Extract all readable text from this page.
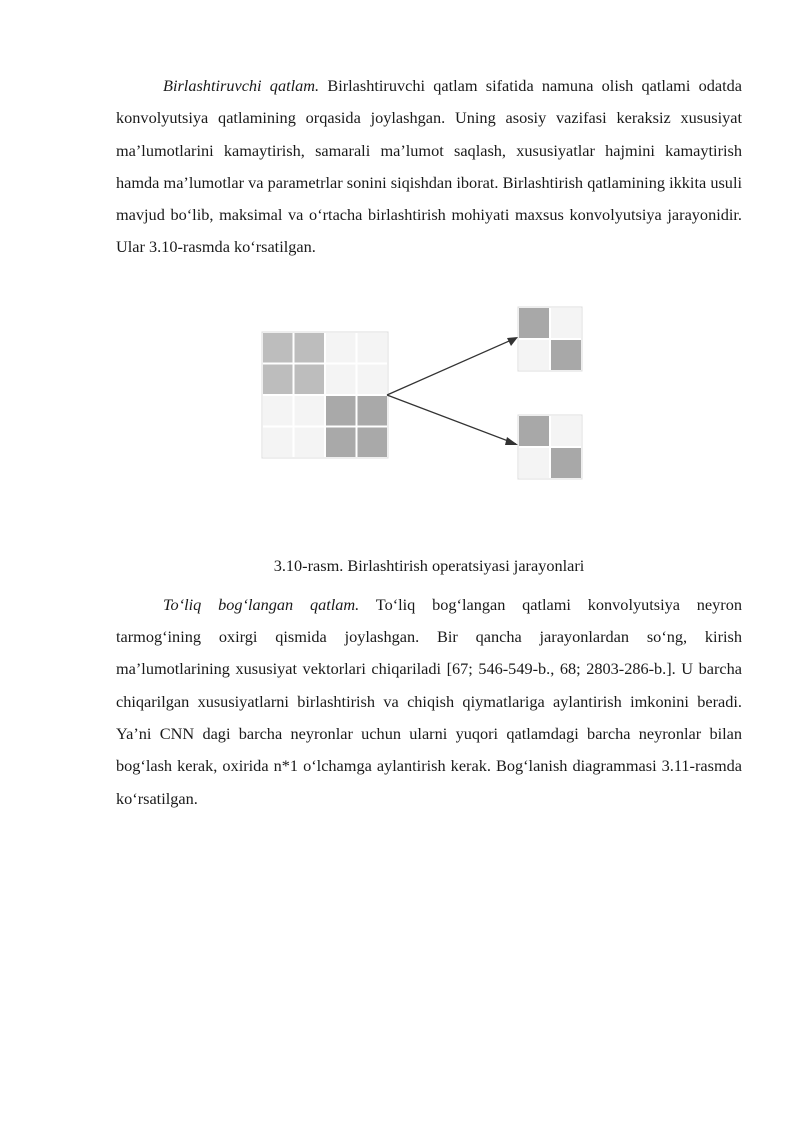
Birlashtiruvchi qatlam. Birlashtiruvchi qatlam sifatida namuna olish qatlami odatda konvolyutsiya qatlamining orqasida joylashgan. Uning asosiy vazifasi keraksiz xususiyat ma’lumotlarini kamaytirish, samarali ma’lumot saqlash, xususiyatlar hajmini kamaytirish hamda ma’lumotlar va parametrlar sonini siqishdan iborat. Birlashtirish qatlamining ikkita usuli mavjud bo‘lib, maksimal va o‘rtacha birlashtirish mohiyati maxsus konvolyutsiya jarayonidir. Ular 3.10-rasmda ko‘rsatilgan.

3.10-rasm. Birlashtirish operatsiyasi jarayonlari

To‘liq bog‘langan qatlam. To‘liq bog‘langan qatlami konvolyutsiya neyron tarmog‘ining oxirgi qismida joylashgan. Bir qancha jarayonlardan so‘ng, kirish ma’lumotlarining xususiyat vektorlari chiqariladi [67; 546-549-b., 68; 2803-286-b.]. U barcha chiqarilgan xususiyatlarni birlashtirish va chiqish qiymatlariga aylantirish imkonini beradi. Ya’ni CNN dagi barcha neyronlar uchun ularni yuqori qatlamdagi barcha neyronlar bilan bog‘lash kerak, oxirida n*1 o‘lchamga aylantirish kerak. Bog‘lanish diagrammasi 3.11-rasmda ko‘rsatilgan.
